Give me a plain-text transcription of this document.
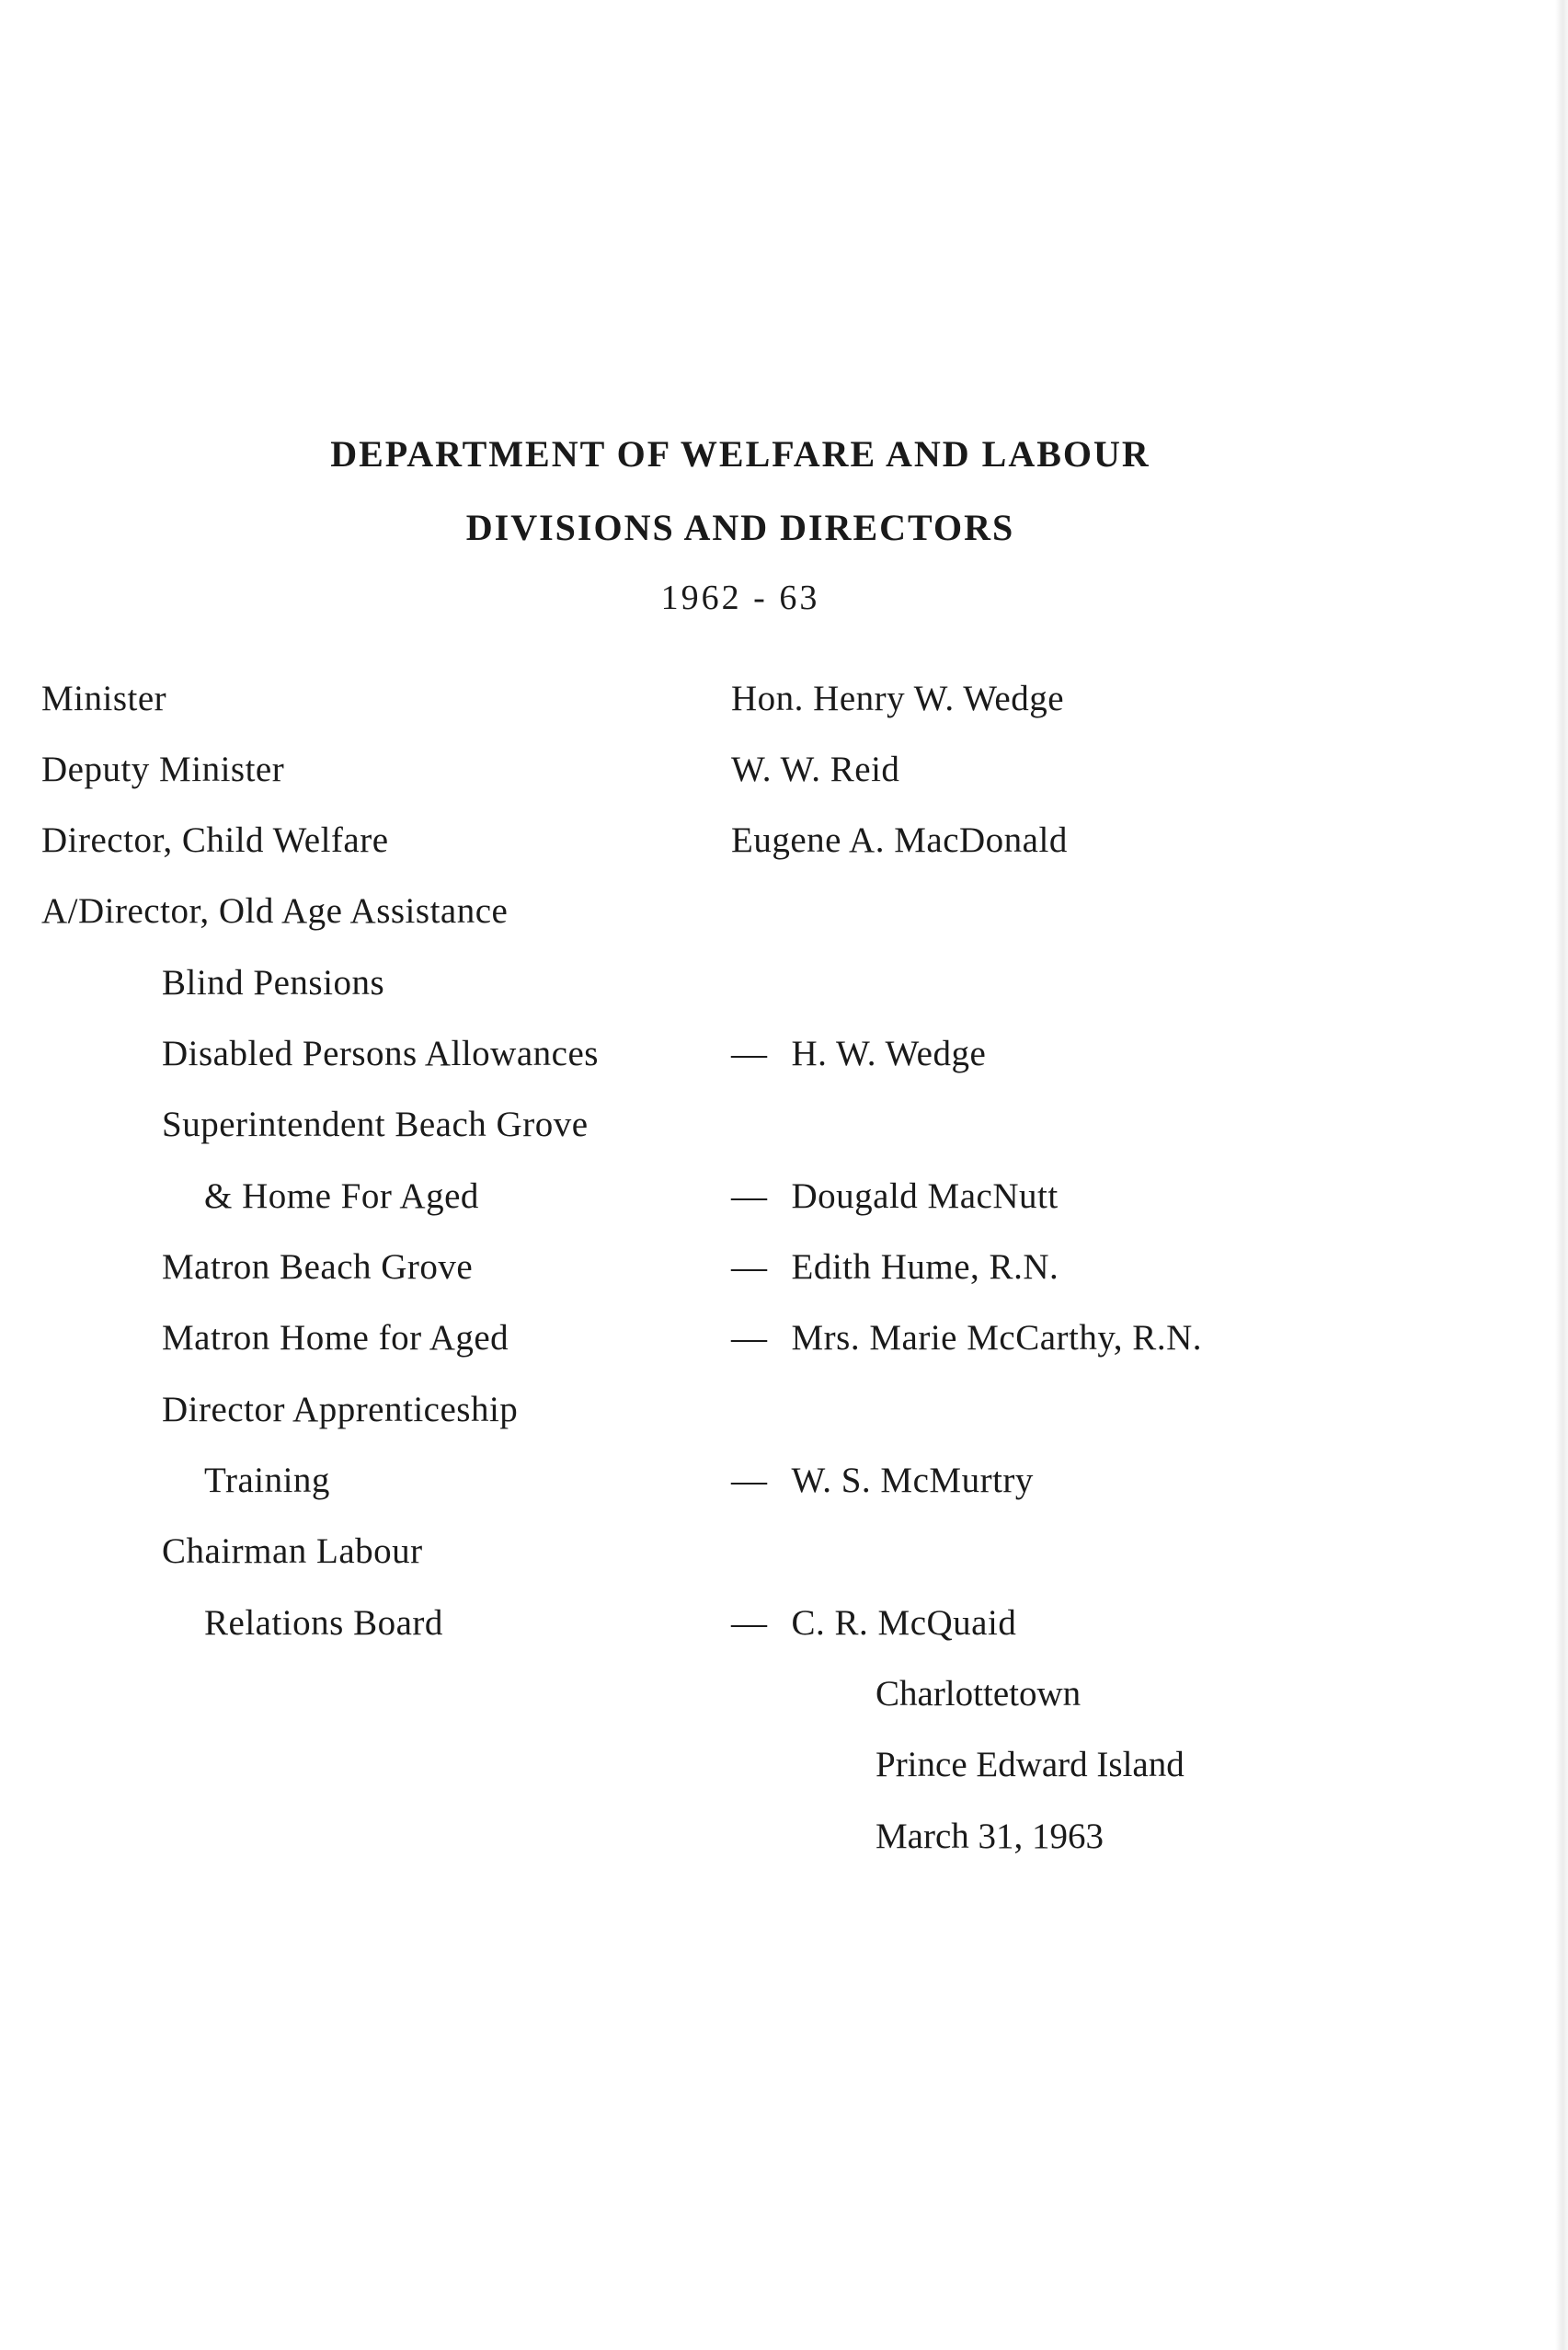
DEPARTMENT OF WELFARE AND LABOUR
DIVISIONS AND DIRECTORS
1962 - 63
Minister	Hon. Henry W. Wedge
Deputy Minister	W. W. Reid
Director, Child Welfare	Eugene A. MacDonald
A/Director, Old Age Assistance
Blind Pensions
Disabled Persons Allowances	— H. W. Wedge
Superintendent Beach Grove
& Home For Aged	— Dougald MacNutt
Matron Beach Grove	— Edith Hume, R.N.
Matron Home for Aged	— Mrs. Marie McCarthy, R.N.
Director Apprenticeship
Training	— W. S. McMurtry
Chairman Labour
Relations Board	— C. R. McQuaid
Charlottetown
Prince Edward Island
March 31, 1963
